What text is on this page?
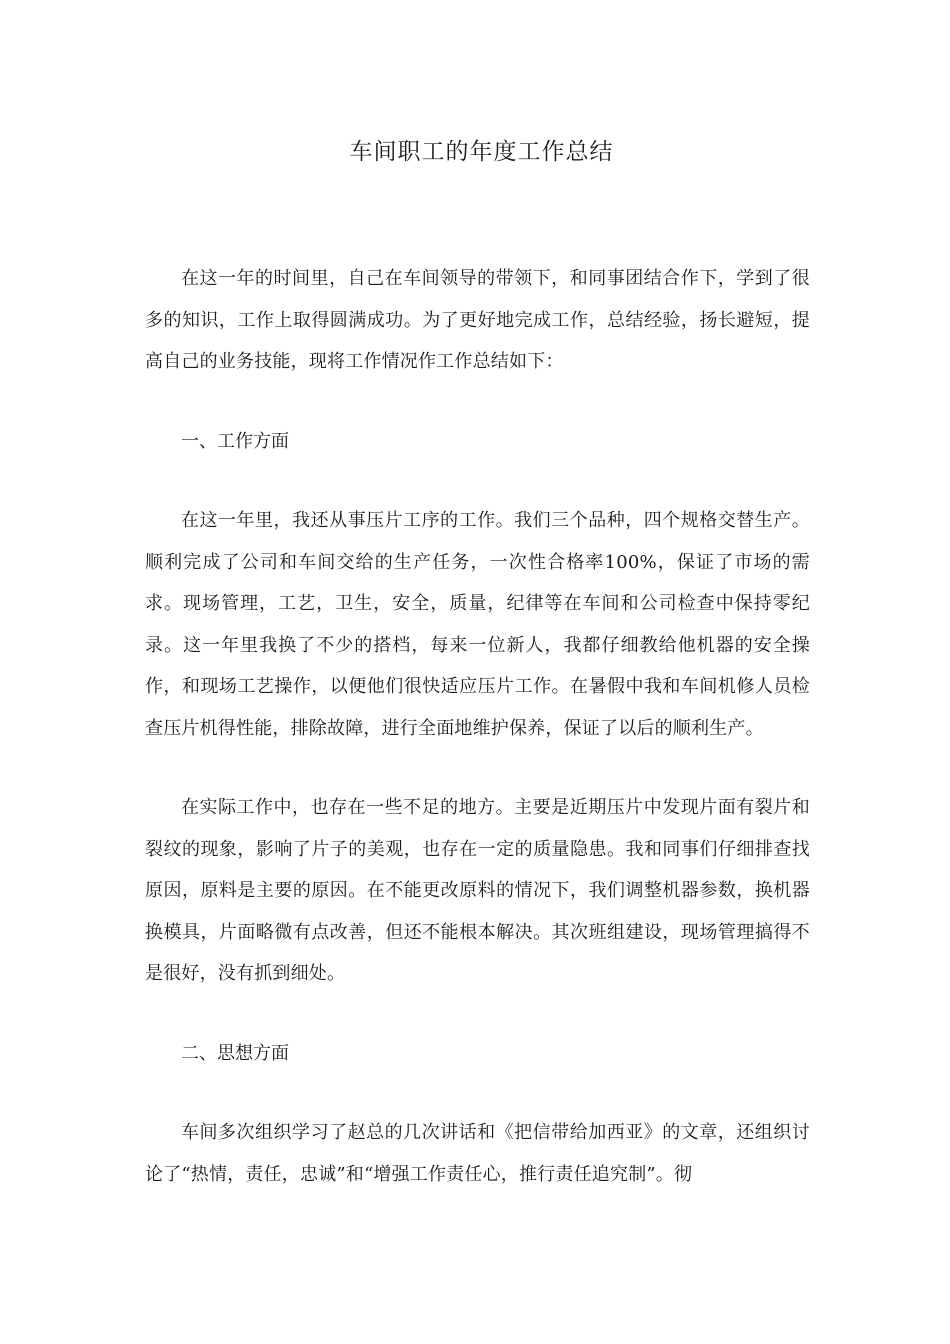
车间职工的年度工作总结

在这一年的时间里，自己在车间领导的带领下，和同事团结合作下，学到了很多的知识，工作上取得圆满成功。为了更好地完成工作，总结经验，扬长避短，提高自己的业务技能，现将工作情况作工作总结如下：

一、工作方面

在这一年里，我还从事压片工序的工作。我们三个品种，四个规格交替生产。顺利完成了公司和车间交给的生产任务，一次性合格率100%，保证了市场的需求。现场管理，工艺，卫生，安全，质量，纪律等在车间和公司检查中保持零纪录。这一年里我换了不少的搭档，每来一位新人，我都仔细教给他机器的安全操作，和现场工艺操作，以便他们很快适应压片工作。在暑假中我和车间机修人员检查压片机得性能，排除故障，进行全面地维护保养，保证了以后的顺利生产。

在实际工作中，也存在一些不足的地方。主要是近期压片中发现片面有裂片和裂纹的现象，影响了片子的美观，也存在一定的质量隐患。我和同事们仔细排查找原因，原料是主要的原因。在不能更改原料的情况下，我们调整机器参数，换机器换模具，片面略微有点改善，但还不能根本解决。其次班组建设，现场管理搞得不是很好，没有抓到细处。

二、思想方面

车间多次组织学习了赵总的几次讲话和《把信带给加西亚》的文章，还组织讨论了“热情，责任，忠诚”和“增强工作责任心，推行责任追究制”。彻
